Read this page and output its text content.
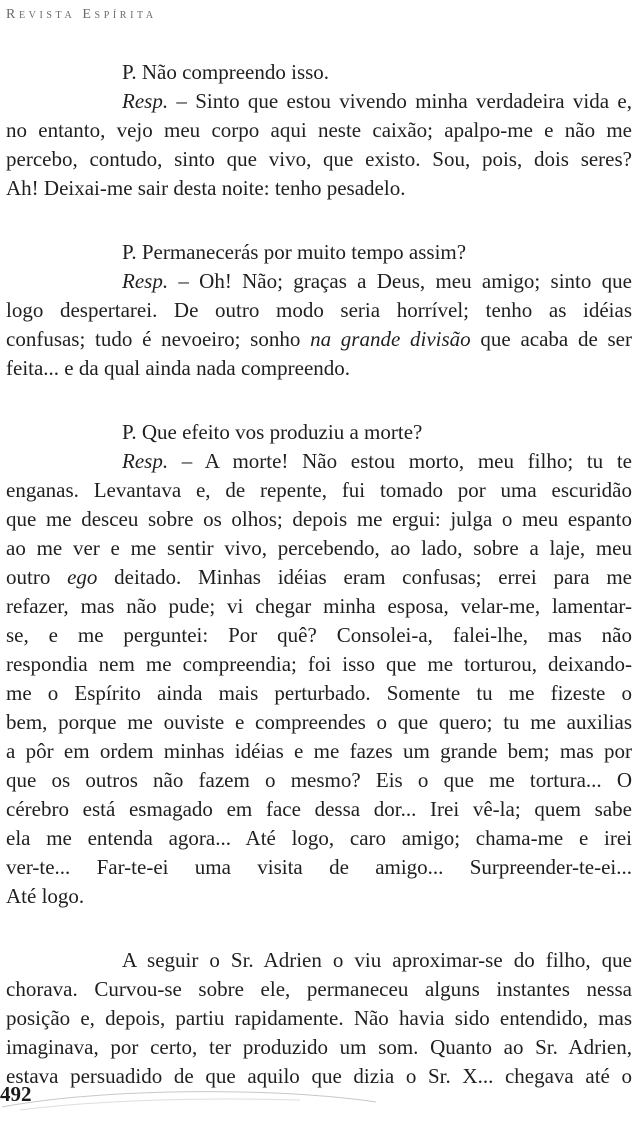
Revista Espírita
P. Não compreendo isso.
Resp. – Sinto que estou vivendo minha verdadeira vida e,
no entanto, vejo meu corpo aqui neste caixão; apalpo-me e não me
percebo, contudo, sinto que vivo, que existo. Sou, pois, dois seres?
Ah! Deixai-me sair desta noite: tenho pesadelo.
P. Permanecerás por muito tempo assim?
Resp. – Oh! Não; graças a Deus, meu amigo; sinto que
logo despertarei. De outro modo seria horrível; tenho as idéias
confusas; tudo é nevoeiro; sonho na grande divisão que acaba de ser
feita... e da qual ainda nada compreendo.
P. Que efeito vos produziu a morte?
Resp. – A morte! Não estou morto, meu filho; tu te
enganas. Levantava e, de repente, fui tomado por uma escuridão
que me desceu sobre os olhos; depois me ergui: julga o meu espanto
ao me ver e me sentir vivo, percebendo, ao lado, sobre a laje, meu
outro ego deitado. Minhas idéias eram confusas; errei para me
refazer, mas não pude; vi chegar minha esposa, velar-me, lamentar-
se, e me perguntei: Por quê? Consolei-a, falei-lhe, mas não
respondia nem me compreendia; foi isso que me torturou, deixando-
me o Espírito ainda mais perturbado. Somente tu me fizeste o
bem, porque me ouviste e compreendes o que quero; tu me auxilias
a pôr em ordem minhas idéias e me fazes um grande bem; mas por
que os outros não fazem o mesmo? Eis o que me tortura... O
cérebro está esmagado em face dessa dor... Irei vê-la; quem sabe
ela me entenda agora... Até logo, caro amigo; chama-me e irei
ver-te... Far-te-ei uma visita de amigo... Surpreender-te-ei...
Até logo.
A seguir o Sr. Adrien o viu aproximar-se do filho, que
chorava. Curvou-se sobre ele, permaneceu alguns instantes nessa
posição e, depois, partiu rapidamente. Não havia sido entendido, mas
imaginava, por certo, ter produzido um som. Quanto ao Sr. Adrien,
estava persuadido de que aquilo que dizia o Sr. X... chegava até o
492
